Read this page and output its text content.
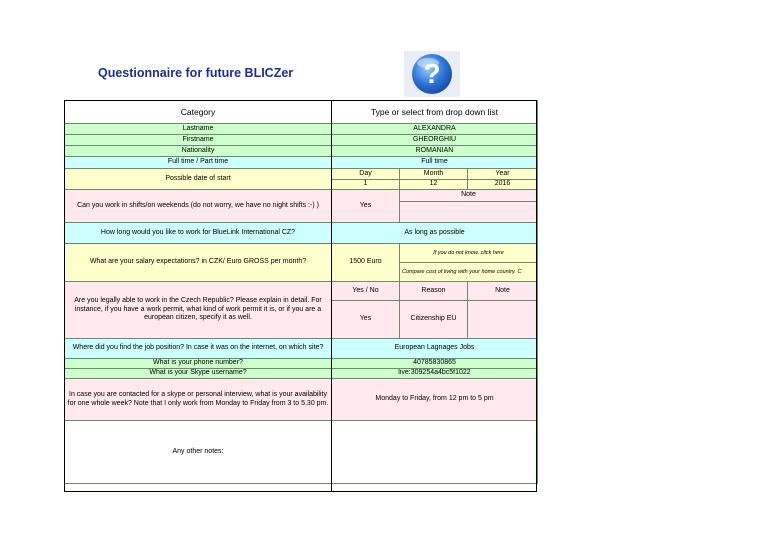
Questionnaire for future BLICZer	?
Category	Type or select from drop down list		
Lastname	ALEXANDRA		
Firstname	GHEORGHIU		
Nationality	ROMANIAN		
Full time / Part time	Full time		
Possible date of start	Day	Month	Year
	1	12	2016
Can you work in shifts/on weekends (do not worry, we have no night shifts :-) )	Yes	Note	

How long would you like to work for BlueLink International CZ?	As long as possible		
What are your salary expectations? in CZK/ Euro GROSS per month?	1500 Euro	If you do not know, click here	
		Compare cost of living with your home country. C	
Are you legally able to work in the Czech Republic? Please explain in detail. For instance, if you have a work permit, what kind of work permit it is, or if you are a european citizen, specify it as well.	Yes / No	Reason	Note
	Yes	Citizenship EU	
Where did you find the job position? In case it was on the internet, on which site?	European Lagnages Jobs		
What is your phone number?	40785830865		
What is your Skype username?	live:309254a4bc5f1022		
In case you are contacted for a skype or personal interview, what is your availability for one whole week? Note that I only work from Monday to Friday from 3 to 5.30 pm.	Monday to Friday, from 12 pm to 5 pm		
Any other notes:			
